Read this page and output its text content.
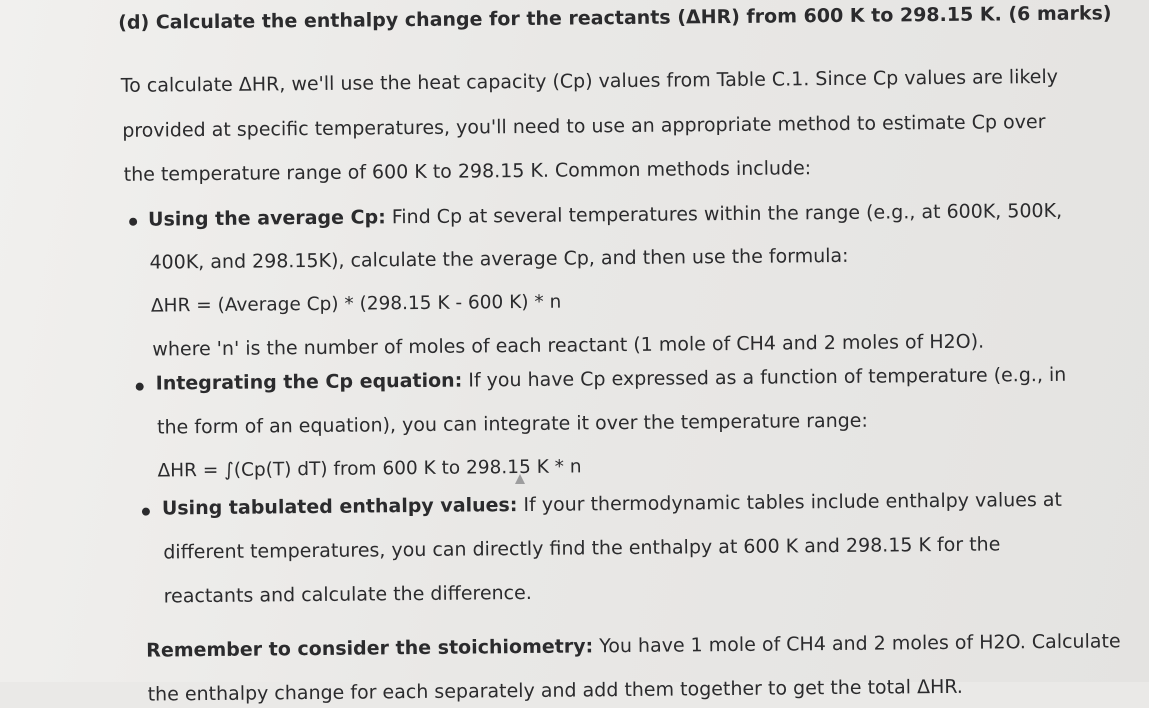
(d) Calculate the enthalpy change for the reactants (ΔHR) from 600 K to 298.15 K. (6 marks)
To calculate ΔHR, we'll use the heat capacity (Cp) values from Table C.1. Since Cp values are likely
provided at specific temperatures, you'll need to use an appropriate method to estimate Cp over
the temperature range of 600 K to 298.15 K. Common methods include:
Using the average Cp: Find Cp at several temperatures within the range (e.g., at 600K, 500K,
400K, and 298.15K), calculate the average Cp, and then use the formula:
ΔHR = (Average Cp) * (298.15 K - 600 K) * n
where 'n' is the number of moles of each reactant (1 mole of CH4 and 2 moles of H2O).
Integrating the Cp equation: If you have Cp expressed as a function of temperature (e.g., in
the form of an equation), you can integrate it over the temperature range:
ΔHR = ∫(Cp(T) dT) from 600 K to 298.15 K * n
Using tabulated enthalpy values: If your thermodynamic tables include enthalpy values at
different temperatures, you can directly find the enthalpy at 600 K and 298.15 K for the
reactants and calculate the difference.
Remember to consider the stoichiometry: You have 1 mole of CH4 and 2 moles of H2O. Calculate
the enthalpy change for each separately and add them together to get the total ΔHR.
